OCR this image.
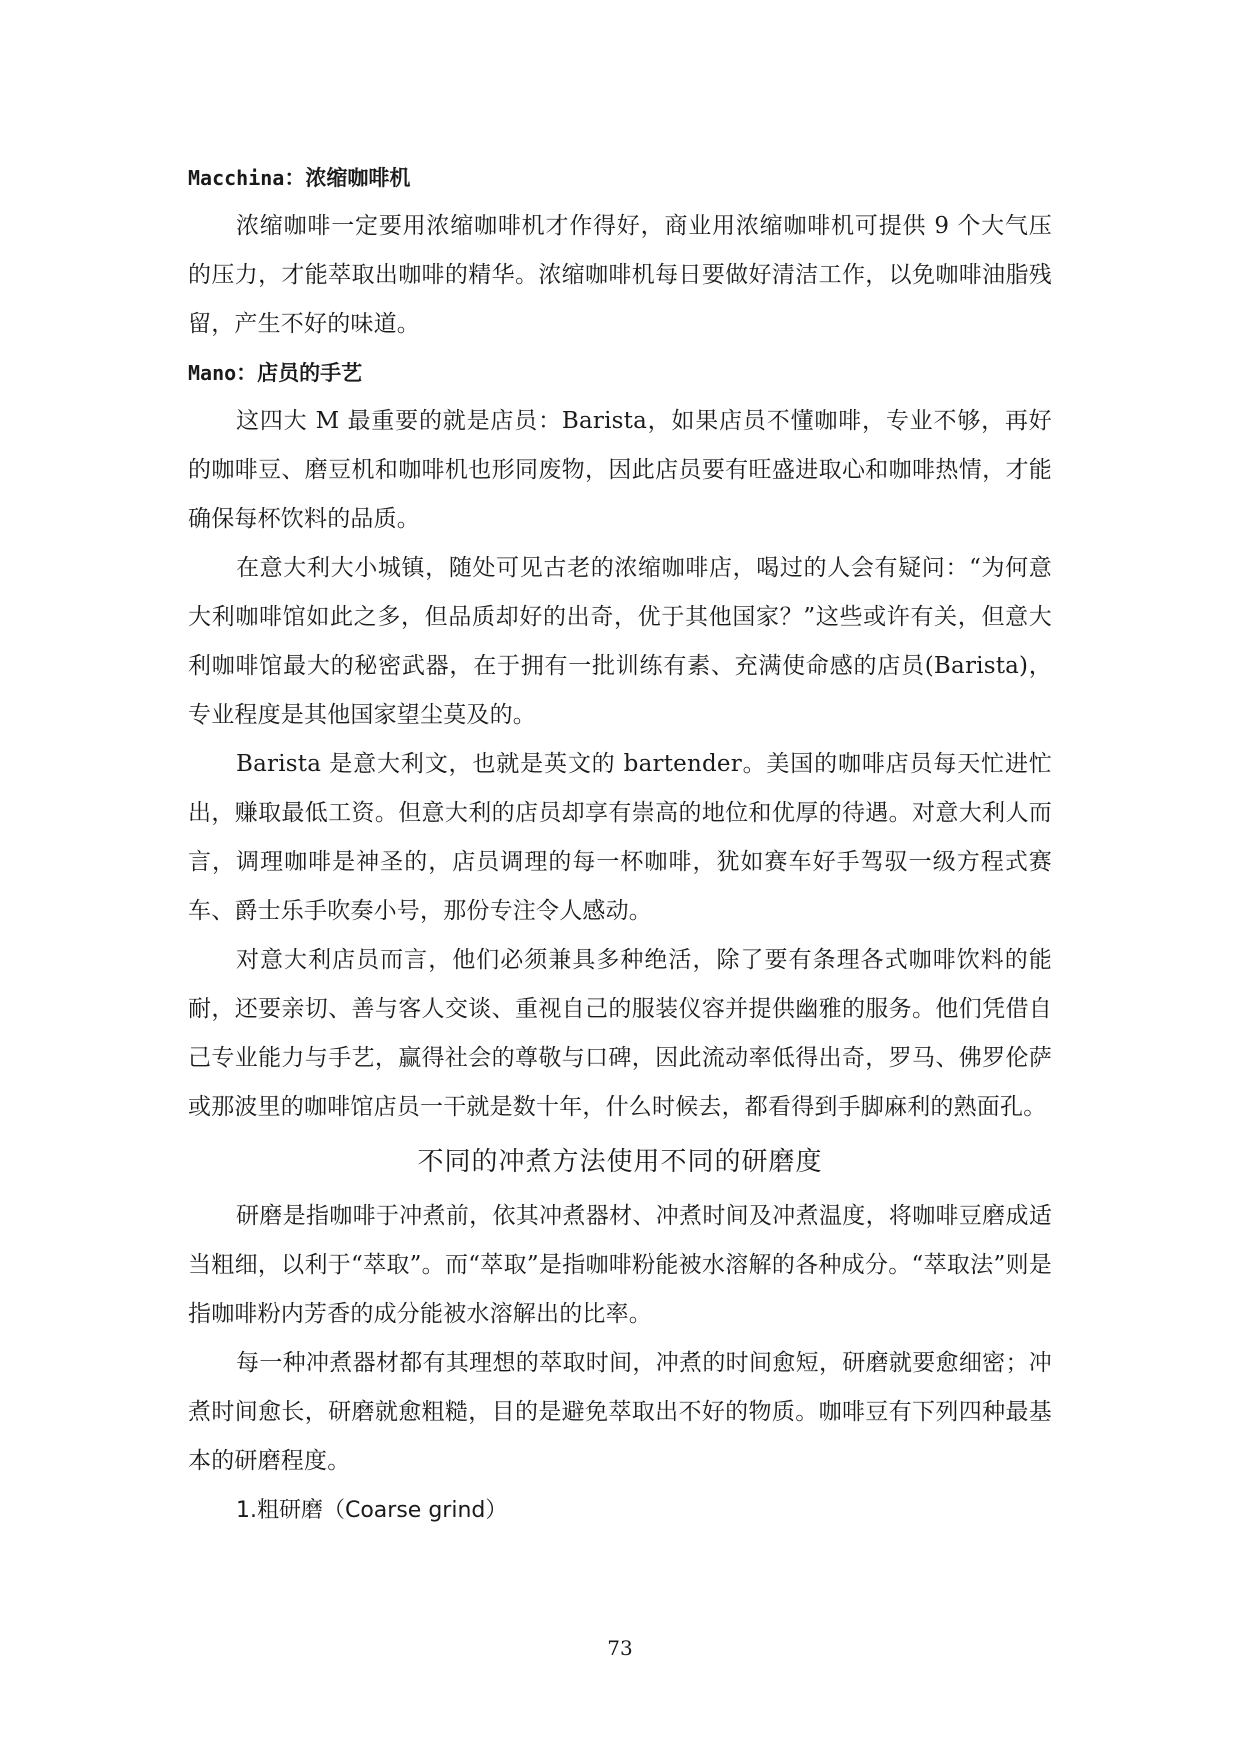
Macchina：浓缩咖啡机

浓缩咖啡一定要用浓缩咖啡机才作得好，商业用浓缩咖啡机可提供 9 个大气压的压力，才能萃取出咖啡的精华。浓缩咖啡机每日要做好清洁工作，以免咖啡油脂残留，产生不好的味道。

Mano：店员的手艺

这四大 M 最重要的就是店员：Barista，如果店员不懂咖啡，专业不够，再好的咖啡豆、磨豆机和咖啡机也形同废物，因此店员要有旺盛进取心和咖啡热情，才能确保每杯饮料的品质。

在意大利大小城镇，随处可见古老的浓缩咖啡店，喝过的人会有疑问：“为何意大利咖啡馆如此之多，但品质却好的出奇，优于其他国家？”这些或许有关，但意大利咖啡馆最大的秘密武器，在于拥有一批训练有素、充满使命感的店员(Barista)，专业程度是其他国家望尘莫及的。

Barista 是意大利文，也就是英文的 bartender。美国的咖啡店员每天忙进忙出，赚取最低工资。但意大利的店员却享有崇高的地位和优厚的待遇。对意大利人而言，调理咖啡是神圣的，店员调理的每一杯咖啡，犹如赛车好手驾驭一级方程式赛车、爵士乐手吹奏小号，那份专注令人感动。

对意大利店员而言，他们必须兼具多种绝活，除了要有条理各式咖啡饮料的能耐，还要亲切、善与客人交谈、重视自己的服装仪容并提供幽雅的服务。他们凭借自己专业能力与手艺，赢得社会的尊敬与口碑，因此流动率低得出奇，罗马、佛罗伦萨或那波里的咖啡馆店员一干就是数十年，什么时候去，都看得到手脚麻利的熟面孔。

不同的冲煮方法使用不同的研磨度

研磨是指咖啡于冲煮前，依其冲煮器材、冲煮时间及冲煮温度，将咖啡豆磨成适当粗细，以利于“萃取”。而“萃取”是指咖啡粉能被水溶解的各种成分。“萃取法”则是指咖啡粉内芳香的成分能被水溶解出的比率。

每一种冲煮器材都有其理想的萃取时间，冲煮的时间愈短，研磨就要愈细密；冲煮时间愈长，研磨就愈粗糙，目的是避免萃取出不好的物质。咖啡豆有下列四种最基本的研磨程度。

1.粗研磨（Coarse grind）

73
